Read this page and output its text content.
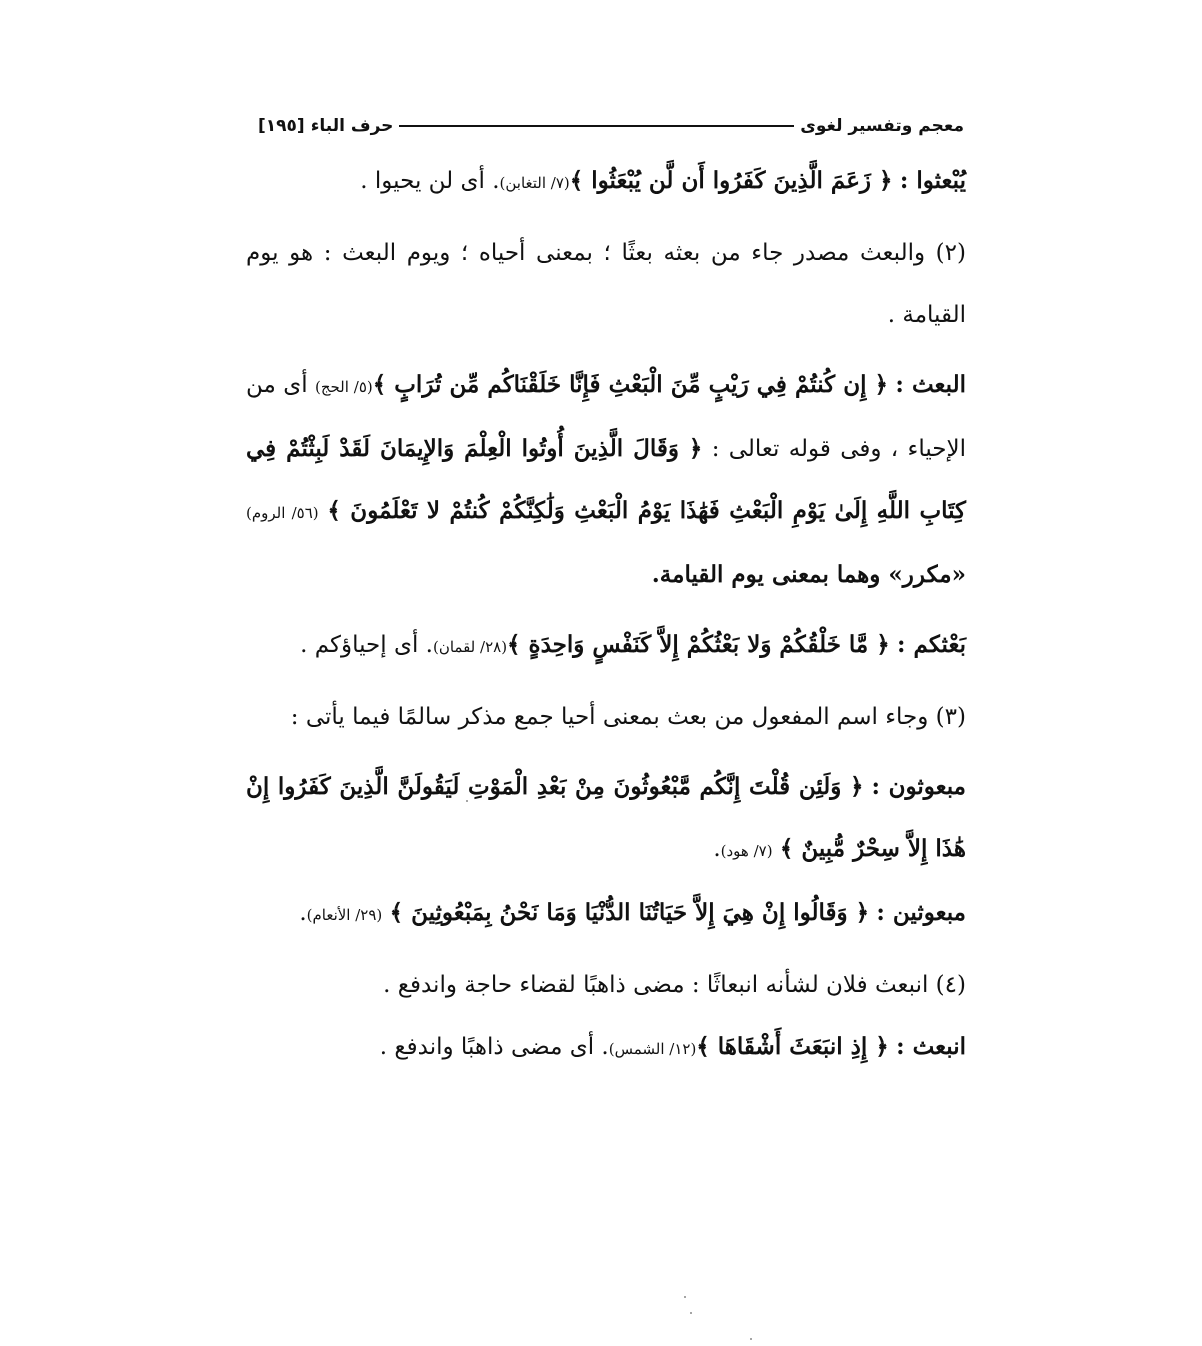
معجم وتفسير لغوى
حرف الباء
[١٩٥]

يُبْعثوا : ﴿ زَعَمَ الَّذِينَ كَفَرُوا أَن لَّن يُبْعَثُوا ﴾(٧/ التغابن). أى لن يحيوا .

(٢) والبعث مصدر جاء من بعثه بعثًا ؛ بمعنى أحياه ؛ ويوم البعث : هو يوم القيامة .

البعث : ﴿ إِن كُنتُمْ فِي رَيْبٍ مِّنَ الْبَعْثِ فَإِنَّا خَلَقْنَاكُم مِّن تُرَابٍ ﴾(٥/ الحج) أى من الإحياء ، وفى قوله تعالى : ﴿ وَقَالَ الَّذِينَ أُوتُوا الْعِلْمَ وَالإِيمَانَ لَقَدْ لَبِثْتُمْ فِي كِتَابِ اللَّهِ إِلَىٰ يَوْمِ الْبَعْثِ فَهَٰذَا يَوْمُ الْبَعْثِ وَلَٰكِنَّكُمْ كُنتُمْ لا تَعْلَمُونَ ﴾ (٥٦/ الروم) «مكرر» وهما بمعنى يوم القيامة.

بَعْثكم : ﴿ مَّا خَلْقُكُمْ وَلا بَعْثُكُمْ إِلاَّ كَنَفْسٍ وَاحِدَةٍ ﴾(٢٨/ لقمان). أى إحياؤكم .

(٣) وجاء اسم المفعول من بعث بمعنى أحيا جمع مذكر سالمًا فيما يأتى :

مبعوثون : ﴿ وَلَئِن قُلْتَ إِنَّكُم مَّبْعُوثُونَ مِنْ بَعْدِ الْمَوْتِ لَيَقُولَنَّ الَّذِينَ كَفَرُوا إِنْ هَٰذَا إِلاَّ سِحْرٌ مُّبِينٌ ﴾ (٧/ هود).

مبعوثين : ﴿ وَقَالُوا إِنْ هِيَ إِلاَّ حَيَاتُنَا الدُّنْيَا وَمَا نَحْنُ بِمَبْعُوثِينَ ﴾ (٢٩/ الأنعام).

(٤) انبعث فلان لشأنه انبعاثًا : مضى ذاهبًا لقضاء حاجة واندفع .

انبعث : ﴿ إِذِ انبَعَثَ أَشْقَاهَا ﴾(١٢/ الشمس). أى مضى ذاهبًا واندفع .
